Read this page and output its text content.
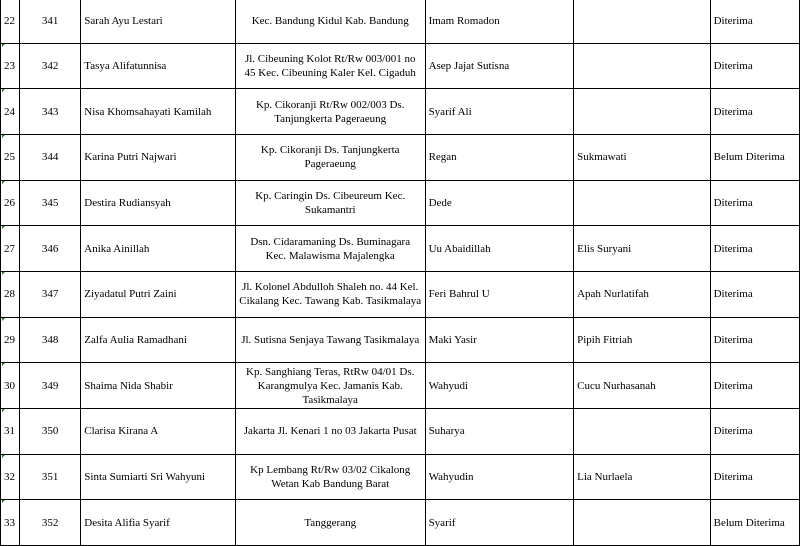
22	341	Sarah Ayu Lestari	Kec. Bandung Kidul Kab. Bandung	Imam Romadon		Diterima

23	342	Tasya Alifatunnisa	Jl. Cibeuning Kolot Rt/Rw 003/001 no 45 Kec. Cibeuning Kaler Kel. Cigaduh	Asep Jajat Sutisna		Diterima

24	343	Nisa Khomsahayati Kamilah	Kp. Cikoranji Rt/Rw 002/003 Ds. Tanjungkerta Pageraeung	Syarif Ali		Diterima

25	344	Karina Putri Najwari	Kp. Cikoranji Ds. Tanjungkerta Pageraeung	Regan	Sukmawati	Belum Diterima

26	345	Destira Rudiansyah	Kp. Caringin Ds. Cibeureum Kec. Sukamantri	Dede		Diterima

27	346	Anika Ainillah	Dsn. Cidaramaning Ds. Buminagara Kec. Malawisma Majalengka	Uu Abaidillah	Elis Suryani	Diterima

28	347	Ziyadatul Putri Zaini	Jl. Kolonel Abdulloh Shaleh no. 44 Kel. Cikalang Kec. Tawang Kab. Tasikmalaya	Feri Bahrul U	Apah Nurlatifah	Diterima

29	348	Zalfa Aulia Ramadhani	Jl. Sutisna Senjaya Tawang Tasikmalaya	Maki Yasir	Pipih Fitriah	Diterima

30	349	Shaima Nida Shabir	Kp. Sanghiang Teras, RtRw 04/01 Ds. Karangmulya Kec. Jamanis Kab. Tasikmalaya	Wahyudi	Cucu Nurhasanah	Diterima

31	350	Clarisa Kirana A	Jakarta Jl. Kenari 1 no 03 Jakarta Pusat	Suharya		Diterima

32	351	Sinta Sumiarti Sri Wahyuni	Kp Lembang Rt/Rw 03/02 Cikalong Wetan Kab Bandung Barat	Wahyudin	Lia Nurlaela	Diterima

33	352	Desita Alifia Syarif	Tanggerang	Syarif		Belum Diterima
